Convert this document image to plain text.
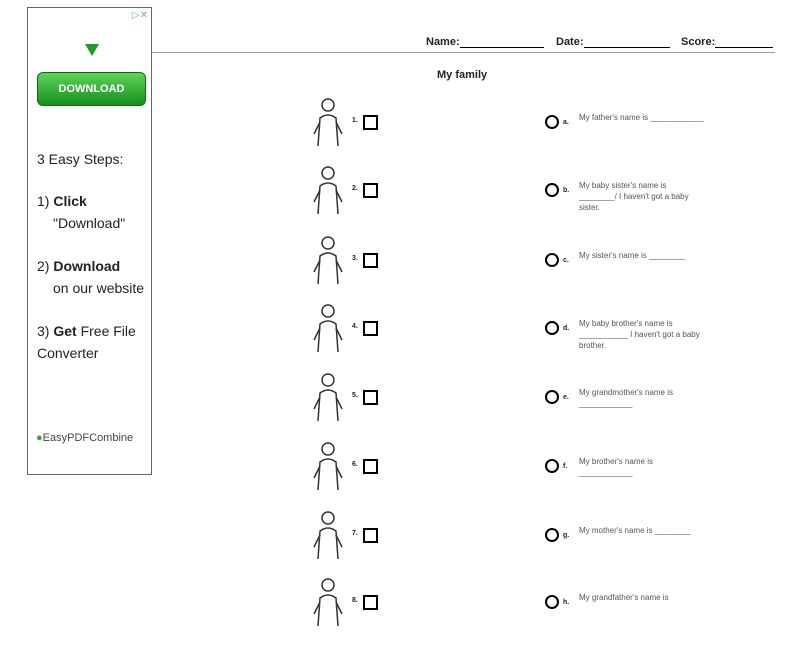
▷✕
DOWNLOAD
3 Easy Steps:
1) Click
"Download"
2) Download
on our website
3) Get Free File Converter
●EasyPDFCombine
Name:	Date:	Score:
My family
1.	a.
My father's name is ____________
2.	b.
My baby sister's name is ________/ I haven't got a baby sister.
3.	c.
My sister's name is ________
4.	d.
My baby brother's name is ___________ I haven't got a baby brother.
5.	e.
My grandmother's name is ____________
6.	f.
My brother's name is ____________
7.	g.
My mother's name is ________
8.	h.
My grandfather's name is
